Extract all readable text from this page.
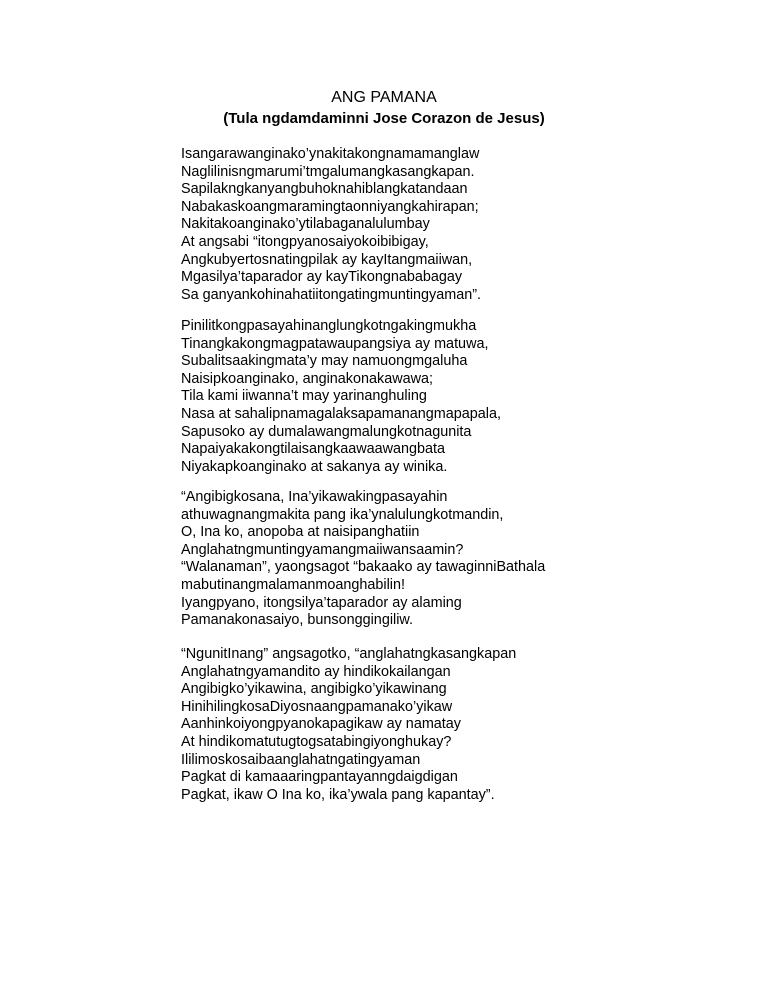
ANG PAMANA

(Tula ngdamdaminni Jose Corazon de Jesus)

Isangarawanginako’ynakitakongnamamanglaw
Naglilinisngmarumi’tmgalumangkasangkapan.
Sapilakngkanyangbuhoknahiblangkatandaan
Nabakaskoangmaramingtaonniyangkahirapan;
Nakitakoanginako’ytilabaganalulumbay
At angsabi “itongpyanosaiyokoibibigay,
Angkubyertosnatingpilak ay kayItangmaiiwan,
Mgasilya’taparador ay kayTikongnababagay
Sa ganyankohinahatiitongatingmuntingyaman”.
Pinilitkongpasayahinanglungkotngakingmukha
Tinangkakongmagpatawaupangsiya ay matuwa,
Subalitsaakingmata’y may namuongmgaluha
Naisipkoanginako, anginakonakawawa;
Tila kami iiwanna’t may yarinanghuling
Nasa at sahalipnamagalaksapamanangmapapala,
Sapusoko ay dumalawangmalungkotnagunita
Napaiyakakongtilaisangkaawaawangbata
Niyakapkoanginako at sakanya ay winika.
“Angibigkosana, Ina’yikawakingpasayahin
athuwagnangmakita pang ika’ynalulungkotmandin,
O, Ina ko, anopoba at naisipanghatiin
Anglahatngmuntingyamangmaiiwansaamin?
“Walanaman”, yaongsagot “bakaako ay tawaginniBathala
mabutinangmalamanmoanghabilin!
Iyangpyano, itongsilya’taparador ay alaming
Pamanakonasaiyo, bunsonggingiliw.
“NgunitInang” angsagotko, “anglahatngkasangkapan
Anglahatngyamandito ay hindikokailangan
Angibigko’yikawina, angibigko’yikawinang
HinihilingkosaDiyosnaangpamanako’yikaw
Aanhinkoiyongpyanokapagikaw ay namatay
At hindikomatutugtogsatabingiyonghukay?
Ililimoskosaibaanglahatngatingyaman
Pagkat di kamaaaringpantayanngdaigdigan
Pagkat, ikaw O Ina ko, ika’ywala pang kapantay”.
